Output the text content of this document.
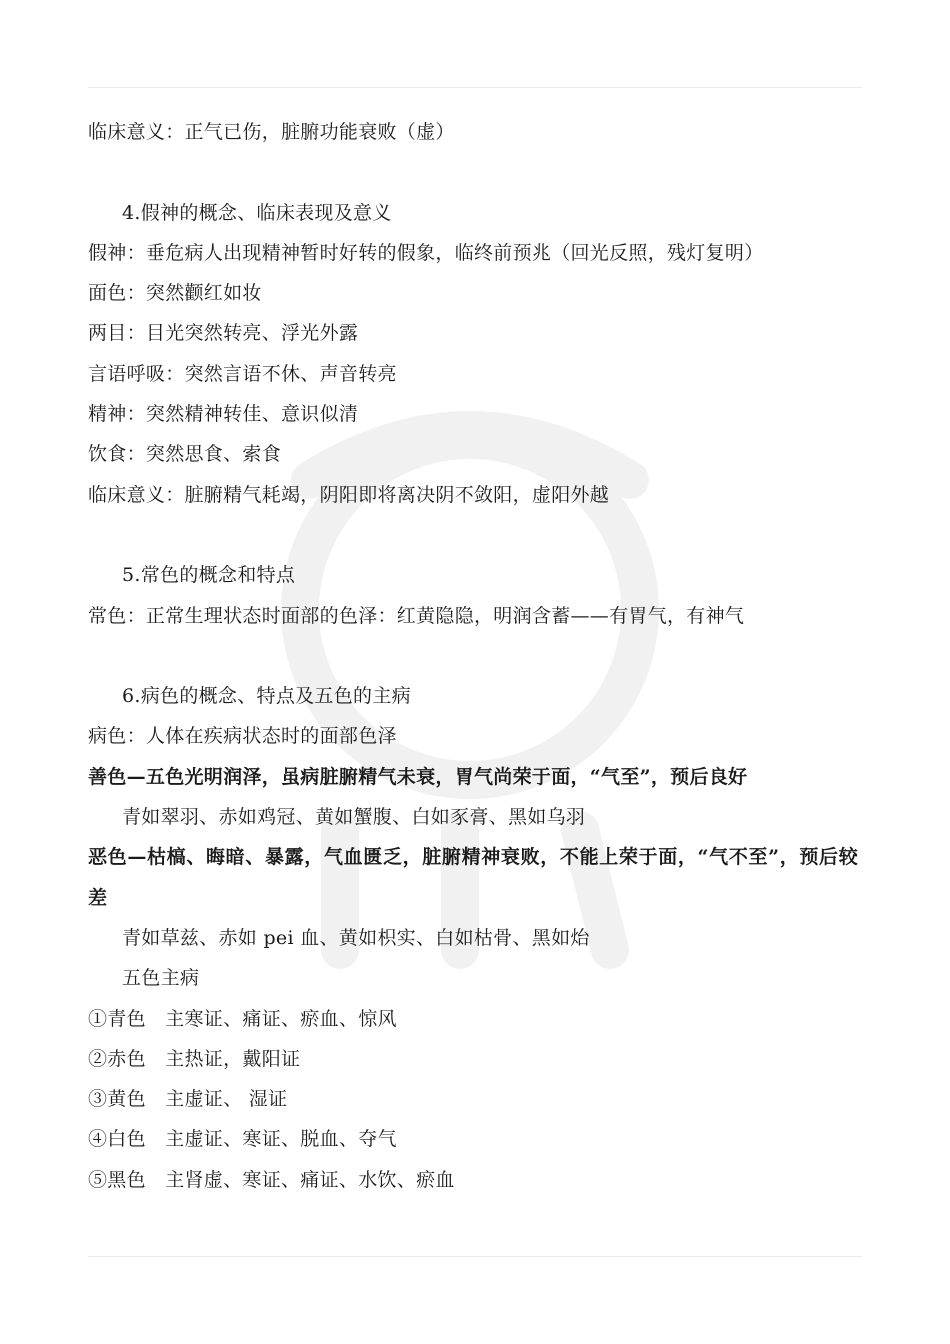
临床意义：正气已伤，脏腑功能衰败（虚）
4.假神的概念、临床表现及意义
假神：垂危病人出现精神暂时好转的假象，临终前预兆（回光反照，残灯复明）
面色：突然颧红如妆
两目：目光突然转亮、浮光外露
言语呼吸：突然言语不休、声音转亮
精神：突然精神转佳、意识似清
饮食：突然思食、索食
临床意义：脏腑精气耗竭，阴阳即将离决阴不敛阳，虚阳外越
5.常色的概念和特点
常色：正常生理状态时面部的色泽：红黄隐隐，明润含蓄——有胃气，有神气
6.病色的概念、特点及五色的主病
病色：人体在疾病状态时的面部色泽
善色—五色光明润泽，虽病脏腑精气未衰，胃气尚荣于面，“气至”，预后良好
青如翠羽、赤如鸡冠、黄如蟹腹、白如豕膏、黑如乌羽
恶色—枯槁、晦暗、暴露，气血匮乏，脏腑精神衰败，不能上荣于面，“气不至”，预后较差
青如草兹、赤如 pei 血、黄如枳实、白如枯骨、黑如炲
五色主病
①青色　主寒证、痛证、瘀血、惊风
②赤色　主热证，戴阳证
③黄色　主虚证、 湿证
④白色　主虚证、寒证、脱血、夺气
⑤黑色　主肾虚、寒证、痛证、水饮、瘀血
